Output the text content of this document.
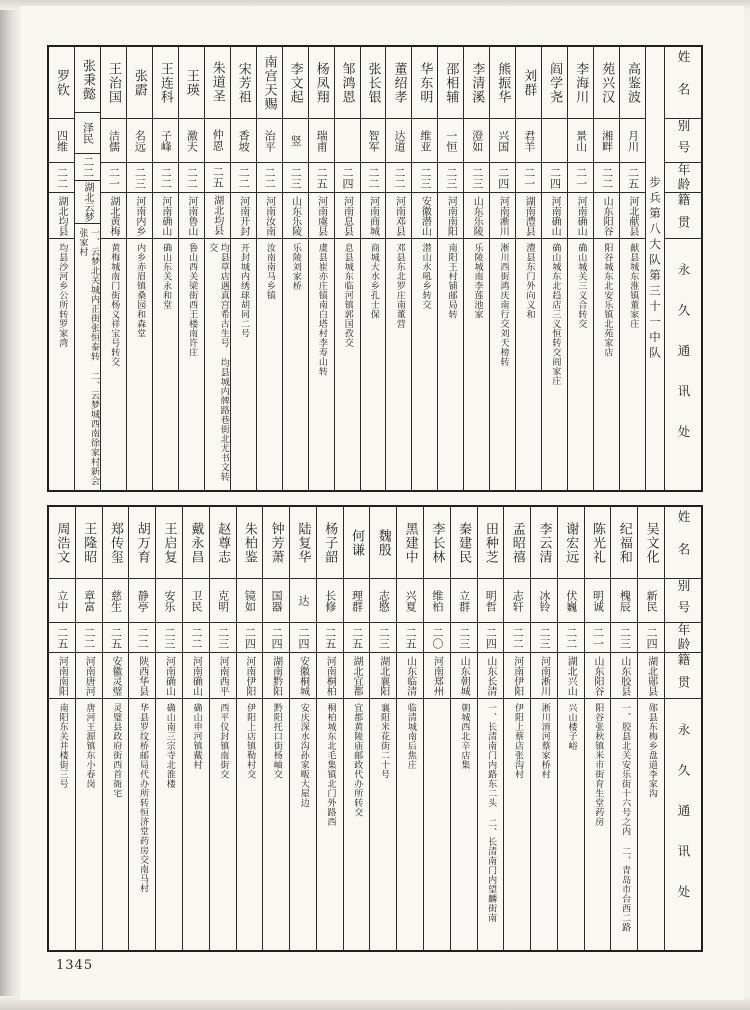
姓名
别号
年龄
籍贯
永久通讯处
步兵第八大队第三十一中队
高鉴波
月川
二五
河北献县
献县城东淮镇董家庄
苑兴汉
湘畔
二二
山东阳谷
阳谷城东北安乐镇北苑家店
李海川
景山
二一
河南确山
确山城关三义合转交
阎学尧
二四
河南确山
确山城东北趋店三义恒转交阎家庄
刘群
君羊
二一
湖南澧县
澧县东门外向义和
熊振华
兴国
二四
河南淅川
淅川西街鸿庆南行交刘天榜转
李清溪
澄如
二三
山东乐陵
乐陵城南李莲池家
邵相辅
一恒
二三
河南南阳
南阳王村铺邮局转
华东明
维亚
二三
安徽潜山
潜山水吼乡转交
董绍孝
达道
二二
河南邓县
邓县东北罗庄南董营
张长银
智军
二二
河南商城
商城大水乡孔士保
邹鸿恩
二四
河南息县
息县城东临河镇郭国孜交
杨凤翔
瑞甫
二五
河南虞县
虞县崔亦庄镇南白塔村李寿山转
李文起
竖
二三
山东乐陵
乐陵刘家桥
南宫天赐
治平
二二
河南汝南
汝南南马乡镇
宋芳祖
香坡
二二
河南开封
开封城内绣球胡同二号
朱道圣
仲恩
二五
湖北均县
均县草店遇真宫希古生号 均县城内牌路巷街北尤书文转交
王瑛
激天
二二
河南鲁山
鲁山西关梁街西王楼南许庄
王连科
子峰
二二
河南确山
确山东关永和堂
张霨
名远
二三
河南内乡
内乡赤眉镇桑园和森堂
王治国
洁儒
二一
湖北黄梅
黄梅城南门街杨义祥宝号转交
张秉懿
泽民
二二
湖北云梦
一、云梦北关城内正街张恒泰转 二、云梦城西南徐家村新会张家村
罗钦
四维
二二
湖北均县
均县沙河乡公所转罗家湾
姓名
别号
年龄
籍贯
永久通讯处
吴文化
新民
二四
湖北郧县
郧县东梅乡盘道李家沟
纪福和
槐辰
二三
山东胶县
一、胶县北关安乐街十六号之内 二、青岛市台西二路
陈光礼
明诚
二一
山东阳谷
阳谷张秋镇米市街育生堂药房
谢宏远
伏巍
二二
湖北兴山
兴山楼子峪
李云清
冰铃
二三
河南淅川
淅川淯河蔡家桥村
孟昭禧
志轩
二二
河南伊阳
伊阳上蔡店张沟村
田种芝
明哲
二四
山东长清
一、长清南门内路东二头 二、长清南门内望麟街南
秦建民
立群
二三
山东朝城
朝城西北辛店集
李长林
维柏
二〇
河南郑州
黑建中
兴夏
二五
山东临清
临清城南后焦庄
魏殷
志愍
二三
湖北襄阳
襄阳米花街二十号
何谦
理群
二五
湖北宜都
宜都黄陵庙邮政代办所转交
杨子韶
长修
二五
河南桐柏
桐柏城东北毛集镇北门外路西
陆复华
达
二四
安徽桐城
安庆深水沟孙家畈大屋边
钟芳萧
国器
二四
湖南黔阳
黔阳托口街杨岫交
朱柏鉴
镜如
二四
河南伊阳
伊阳上店镇勒村交
赵尊志
克明
二三
河南西平
西平仪封镇南街交
戴永昌
卫民
二二
河南确山
确山申河镇戴村
王启复
安乐
二三
河南确山
确山南三宗寺北淮楼
胡万育
静亭
二二
陕西华县
华县罗纹桥邮局代办所转恒济堂药房交南马村
郑传玺
慈生
二五
安徽灵璧
灵璧县政府街西首衙宅
王隆昭
章富
二二
河南唐河
唐河王源镇东小春岗
周浩文
立中
二五
河南南阳
南阳东关井楼街三号
1345
